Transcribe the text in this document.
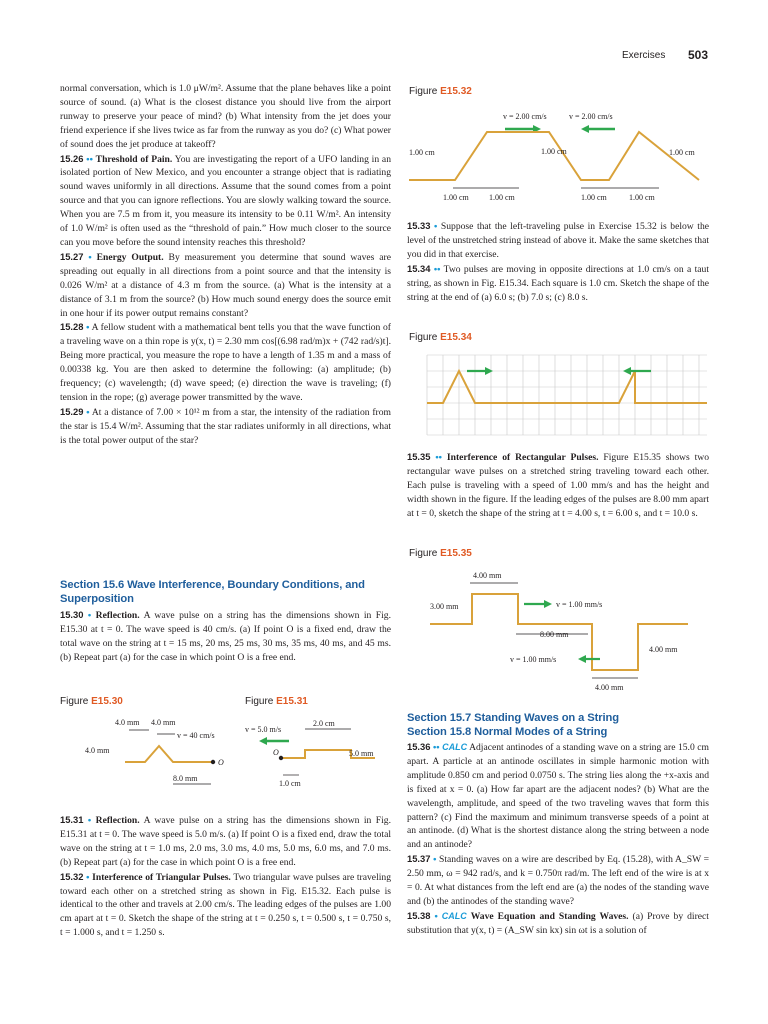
Exercises 503

normal conversation, which is 1.0 μW/m². Assume that the plane behaves like a point source of sound. (a) What is the closest distance you should live from the airport runway to preserve your peace of mind? (b) What intensity from the jet does your friend experience if she lives twice as far from the runway as you do? (c) What power of sound does the jet produce at takeoff?

15.26 •• Threshold of Pain. You are investigating the report of a UFO landing in an isolated portion of New Mexico, and you encounter a strange object that is radiating sound waves uniformly in all directions. Assume that the sound comes from a point source and that you can ignore reflections. You are slowly walking toward the source. When you are 7.5 m from it, you measure its intensity to be 0.11 W/m². An intensity of 1.0 W/m² is often used as the “threshold of pain.” How much closer to the source can you move before the sound intensity reaches this threshold?

15.27 • Energy Output. By measurement you determine that sound waves are spreading out equally in all directions from a point source and that the intensity is 0.026 W/m² at a distance of 4.3 m from the source. (a) What is the intensity at a distance of 3.1 m from the source? (b) How much sound energy does the source emit in one hour if its power output remains constant?

15.28 • A fellow student with a mathematical bent tells you that the wave function of a traveling wave on a thin rope is y(x, t) = 2.30 mm cos[(6.98 rad/m)x + (742 rad/s)t]. Being more practical, you measure the rope to have a length of 1.35 m and a mass of 0.00338 kg. You are then asked to determine the following: (a) amplitude; (b) frequency; (c) wavelength; (d) wave speed; (e) direction the wave is traveling; (f) tension in the rope; (g) average power transmitted by the wave.

15.29 • At a distance of 7.00 × 10¹² m from a star, the intensity of the radiation from the star is 15.4 W/m². Assuming that the star radiates uniformly in all directions, what is the total power output of the star?

Section 15.6 Wave Interference, Boundary Conditions, and Superposition

15.30 • Reflection. A wave pulse on a string has the dimensions shown in Fig. E15.30 at t = 0. The wave speed is 40 cm/s. (a) If point O is a fixed end, draw the total wave on the string at t = 15 ms, 20 ms, 25 ms, 30 ms, 35 ms, 40 ms, and 45 ms. (b) Repeat part (a) for the case in which point O is a free end.

Figure E15.30	Figure E15.31
4.0 mm 4.0 mm
v = 40 cm/s
4.0 mm
O
8.0 mm
v = 5.0 m/s
2.0 cm
O	5.0 mm
1.0 cm

15.31 • Reflection. A wave pulse on a string has the dimensions shown in Fig. E15.31 at t = 0. The wave speed is 5.0 m/s. (a) If point O is a fixed end, draw the total wave on the string at t = 1.0 ms, 2.0 ms, 3.0 ms, 4.0 ms, 5.0 ms, 6.0 ms, and 7.0 ms. (b) Repeat part (a) for the case in which point O is a free end.

15.32 • Interference of Triangular Pulses. Two triangular wave pulses are traveling toward each other on a stretched string as shown in Fig. E15.32. Each pulse is identical to the other and travels at 2.00 cm/s. The leading edges of the pulses are 1.00 cm apart at t = 0. Sketch the shape of the string at t = 0.250 s, t = 0.500 s, t = 0.750 s, t = 1.000 s, and t = 1.250 s.

Figure E15.32
v = 2.00 cm/s	v = 2.00 cm/s
1.00 cm	1.00 cm	1.00 cm
1.00 cm	1.00 cm	1.00 cm	1.00 cm

15.33 • Suppose that the left-traveling pulse in Exercise 15.32 is below the level of the unstretched string instead of above it. Make the same sketches that you did in that exercise.

15.34 •• Two pulses are moving in opposite directions at 1.0 cm/s on a taut string, as shown in Fig. E15.34. Each square is 1.0 cm. Sketch the shape of the string at the end of (a) 6.0 s; (b) 7.0 s; (c) 8.0 s.

Figure E15.34

15.35 •• Interference of Rectangular Pulses. Figure E15.35 shows two rectangular wave pulses on a stretched string traveling toward each other. Each pulse is traveling with a speed of 1.00 mm/s and has the height and width shown in the figure. If the leading edges of the pulses are 8.00 mm apart at t = 0, sketch the shape of the string at t = 4.00 s, t = 6.00 s, and t = 10.0 s.

Figure E15.35
4.00 mm
3.00 mm	v = 1.00 mm/s
8.00 mm
4.00 mm
v = 1.00 mm/s
4.00 mm
Section 15.7 Standing Waves on a String
Section 15.8 Normal Modes of a String

15.36 •• CALC Adjacent antinodes of a standing wave on a string are 15.0 cm apart. A particle at an antinode oscillates in simple harmonic motion with amplitude 0.850 cm and period 0.0750 s. The string lies along the +x-axis and is fixed at x = 0. (a) How far apart are the adjacent nodes? (b) What are the wavelength, amplitude, and speed of the two traveling waves that form this pattern? (c) Find the maximum and minimum transverse speeds of a point at an antinode. (d) What is the shortest distance along the string between a node and an antinode?

15.37 • Standing waves on a wire are described by Eq. (15.28), with A_SW = 2.50 mm, ω = 942 rad/s, and k = 0.750π rad/m. The left end of the wire is at x = 0. At what distances from the left end are (a) the nodes of the standing wave and (b) the antinodes of the standing wave?

15.38 • CALC Wave Equation and Standing Waves. (a) Prove by direct substitution that y(x, t) = (A_SW sin kx) sin ωt is a solution of
